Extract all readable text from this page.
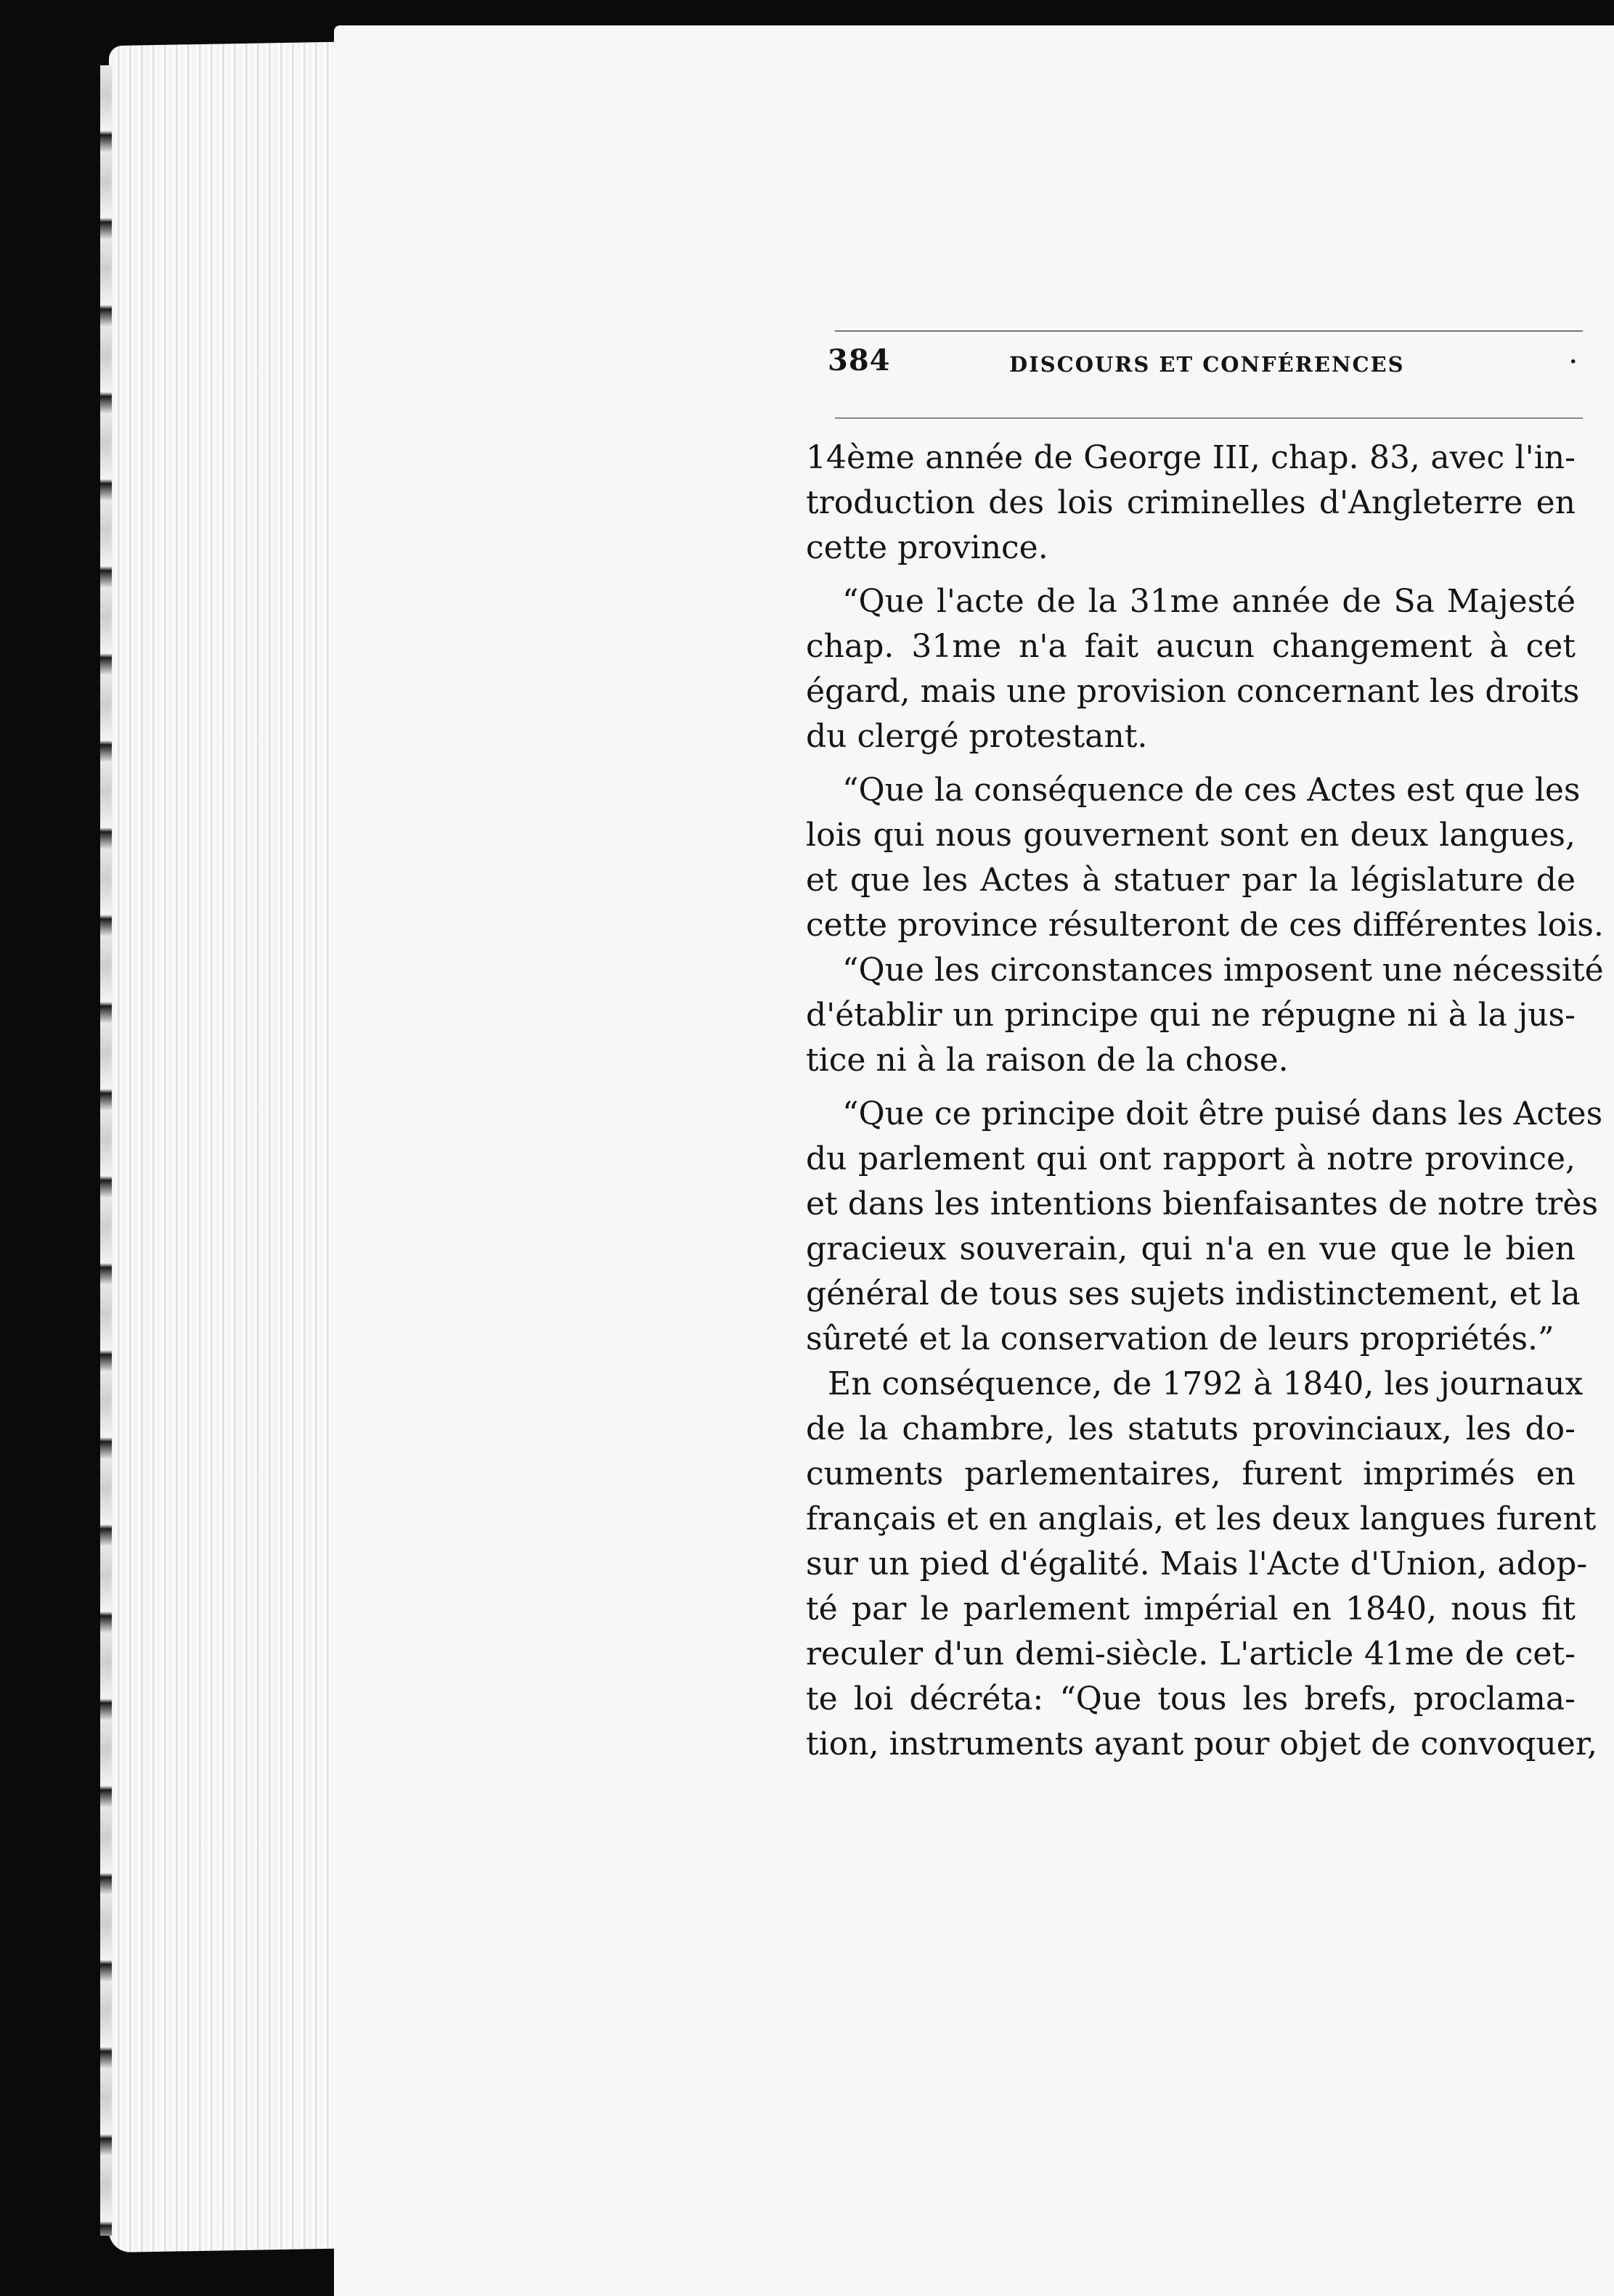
384	DISCOURS ET CONFÉRENCES	·
14ème année de George III, chap. 83, avec l'in-
troduction des lois criminelles d'Angleterre en
cette province.
“Que l'acte de la 31me année de Sa Majesté
chap. 31me n'a fait aucun changement à cet
égard, mais une provision concernant les droits
du clergé protestant.
“Que la conséquence de ces Actes est que les
lois qui nous gouvernent sont en deux langues,
et que les Actes à statuer par la législature de
cette province résulteront de ces différentes lois.
“Que les circonstances imposent une nécessité
d'établir un principe qui ne répugne ni à la jus-
tice ni à la raison de la chose.
“Que ce principe doit être puisé dans les Actes
du parlement qui ont rapport à notre province,
et dans les intentions bienfaisantes de notre très
gracieux souverain, qui n'a en vue que le bien
général de tous ses sujets indistinctement, et la
sûreté et la conservation de leurs propriétés.”
En conséquence, de 1792 à 1840, les journaux
de la chambre, les statuts provinciaux, les do-
cuments parlementaires, furent imprimés en
français et en anglais, et les deux langues furent
sur un pied d'égalité. Mais l'Acte d'Union, adop-
té par le parlement impérial en 1840, nous fit
reculer d'un demi-siècle. L'article 41me de cet-
te loi décréta: “Que tous les brefs, proclama-
tion, instruments ayant pour objet de convoquer,
